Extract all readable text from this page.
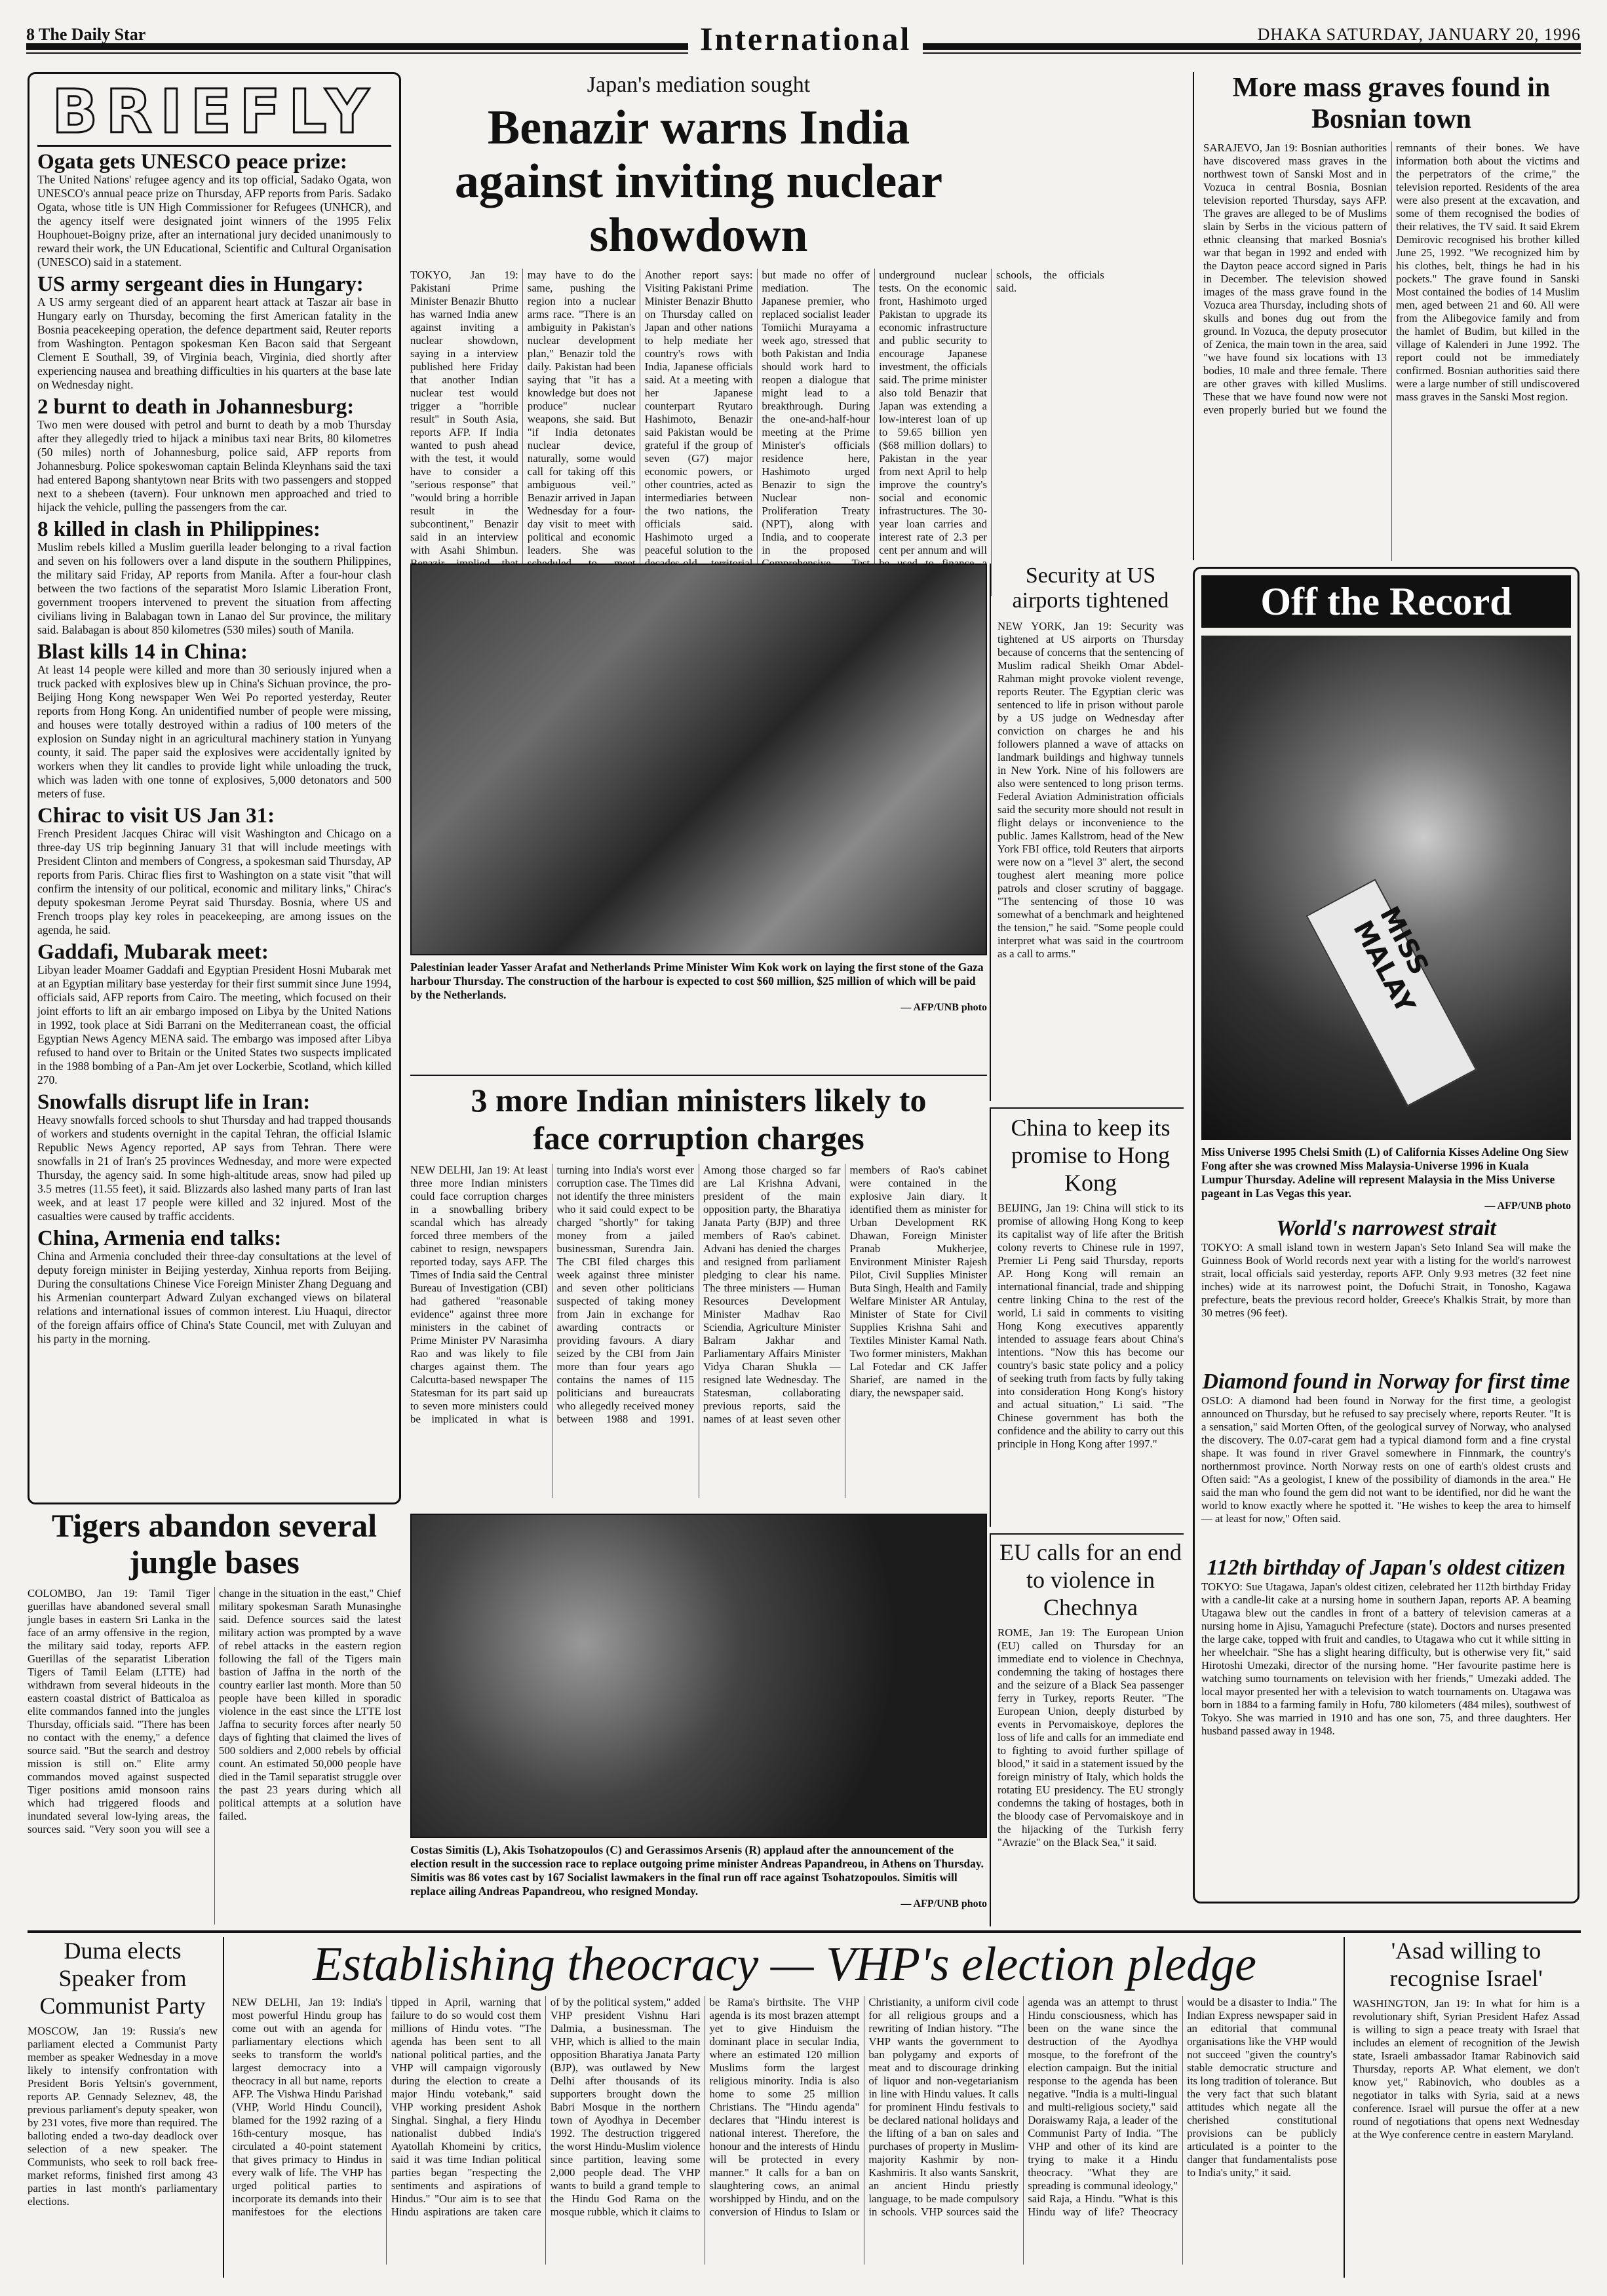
8 The Daily Star	International	DHAKA SATURDAY, JANUARY 20, 1996
BRIEFLY
Ogata gets UNESCO peace prize:
The United Nations' refugee agency and its top official, Sadako Ogata, won UNESCO's annual peace prize on Thursday, AFP reports from Paris. Sadako Ogata, whose title is UN High Commissioner for Refugees (UNHCR), and the agency itself were designated joint winners of the 1995 Felix Houphouet-Boigny prize, after an international jury decided unanimously to reward their work, the UN Educational, Scientific and Cultural Organisation (UNESCO) said in a statement.
US army sergeant dies in Hungary:
A US army sergeant died of an apparent heart attack at Taszar air base in Hungary early on Thursday, becoming the first American fatality in the Bosnia peacekeeping operation, the defence department said, Reuter reports from Washington. Pentagon spokesman Ken Bacon said that Sergeant Clement E Southall, 39, of Virginia beach, Virginia, died shortly after experiencing nausea and breathing difficulties in his quarters at the base late on Wednesday night.
2 burnt to death in Johannesburg:
Two men were doused with petrol and burnt to death by a mob Thursday after they allegedly tried to hijack a minibus taxi near Brits, 80 kilometres (50 miles) north of Johannesburg, police said, AFP reports from Johannesburg. Police spokeswoman captain Belinda Kleynhans said the taxi had entered Bapong shantytown near Brits with two passengers and stopped next to a shebeen (tavern). Four unknown men approached and tried to hijack the vehicle, pulling the passengers from the car.
8 killed in clash in Philippines:
Muslim rebels killed a Muslim guerilla leader belonging to a rival faction and seven on his followers over a land dispute in the southern Philippines, the military said Friday, AP reports from Manila. After a four-hour clash between the two factions of the separatist Moro Islamic Liberation Front, government troopers intervened to prevent the situation from affecting civilians living in Balabagan town in Lanao del Sur province, the military said. Balabagan is about 850 kilometres (530 miles) south of Manila.
Blast kills 14 in China:
At least 14 people were killed and more than 30 seriously injured when a truck packed with explosives blew up in China's Sichuan province, the pro-Beijing Hong Kong newspaper Wen Wei Po reported yesterday, Reuter reports from Hong Kong. An unidentified number of people were missing, and houses were totally destroyed within a radius of 100 meters of the explosion on Sunday night in an agricultural machinery station in Yunyang county, it said. The paper said the explosives were accidentally ignited by workers when they lit candles to provide light while unloading the truck, which was laden with one tonne of explosives, 5,000 detonators and 500 meters of fuse.
Chirac to visit US Jan 31:
French President Jacques Chirac will visit Washington and Chicago on a three-day US trip beginning January 31 that will include meetings with President Clinton and members of Congress, a spokesman said Thursday, AP reports from Paris. Chirac flies first to Washington on a state visit "that will confirm the intensity of our political, economic and military links," Chirac's deputy spokesman Jerome Peyrat said Thursday. Bosnia, where US and French troops play key roles in peacekeeping, are among issues on the agenda, he said.
Gaddafi, Mubarak meet:
Libyan leader Moamer Gaddafi and Egyptian President Hosni Mubarak met at an Egyptian military base yesterday for their first summit since June 1994, officials said, AFP reports from Cairo. The meeting, which focused on their joint efforts to lift an air embargo imposed on Libya by the United Nations in 1992, took place at Sidi Barrani on the Mediterranean coast, the official Egyptian News Agency MENA said. The embargo was imposed after Libya refused to hand over to Britain or the United States two suspects implicated in the 1988 bombing of a Pan-Am jet over Lockerbie, Scotland, which killed 270.
Snowfalls disrupt life in Iran:
Heavy snowfalls forced schools to shut Thursday and had trapped thousands of workers and students overnight in the capital Tehran, the official Islamic Republic News Agency reported, AP says from Tehran. There were snowfalls in 21 of Iran's 25 provinces Wednesday, and more were expected Thursday, the agency said. In some high-altitude areas, snow had piled up 3.5 metres (11.55 feet), it said. Blizzards also lashed many parts of Iran last week, and at least 17 people were killed and 32 injured. Most of the casualties were caused by traffic accidents.
China, Armenia end talks:
China and Armenia concluded their three-day consultations at the level of deputy foreign minister in Beijing yesterday, Xinhua reports from Beijing. During the consultations Chinese Vice Foreign Minister Zhang Deguang and his Armenian counterpart Adward Zulyan exchanged views on bilateral relations and international issues of common interest. Liu Huaqui, director of the foreign affairs office of China's State Council, met with Zuluyan and his party in the morning.
Japan's mediation sought
Benazir warns India against inviting nuclear showdown
TOKYO, Jan 19: Pakistani Prime Minister Benazir Bhutto has warned India anew against inviting a nuclear showdown, saying in a interview published here Friday that another Indian nuclear test would trigger a "horrible result" in South Asia, reports AFP. If India wanted to push ahead with the test, it would have to consider a "serious response" that "would bring a horrible result in the subcontinent," Benazir said in an interview with Asahi Shimbun. may have to do the same, pushing the region into a nuclear arms race. "There is an ambiguity in Pakistan's nuclear development plan," Benazir told the daily. Pakistan had been saying that "it has a knowledge but does not produce" nuclear weapons, she said. But "if India detonates nuclear device, naturally, some would call for taking off this ambiguous veil." Benazir arrived in Japan Wednesday for a four-day visit to meet with political and economic leaders. She was Another report says: Visiting Pakistani Prime Minister Benazir Bhutto on Thursday called on Japan and other nations to help mediate her country's rows with India, Japanese officials said. At a meeting with her Japanese counterpart Ryutaro Hashimoto, Benazir said Pakistan would be grateful if the group of seven (G7) major economic powers, or other countries, acted as intermediaries between the two nations, the officials said. Hashimoto urged a peaceful solution to the but made no offer of mediation. The Japanese premier, who replaced socialist leader Tomiichi Murayama a week ago, stressed that both Pakistan and India should work hard to reopen a dialogue that might lead to a breakthrough. During the one-and-half-hour meeting at the Prime Minister's officials residence here, Hashimoto urged Benazir to sign the Nuclear non-Proliferation Treaty (NPT), along with India, and to cooperate in the proposed underground nuclear tests. On the economic front, Hashimoto urged Pakistan to upgrade its economic infrastructure and public security to encourage Japanese investment, the officials said. The prime minister also told Benazir that Japan was extending a low-interest loan of up to 59.65 billion yen ($68 million dollars) to Pakistan in the year from next April to help improve the country's social and economic infrastructures. The 30-year loan carries and interest rate of 2.3 per cent per annum and will schools, the officials said.
More mass graves found in Bosnian town
SARAJEVO, Jan 19: Bosnian authorities have discovered mass graves in the northwest town of Sanski Most and in Vozuca in central Bosnia, Bosnian television reported Thursday, says AFP. The graves are alleged to be of Muslims slain by Serbs in the vicious pattern of ethnic cleansing that marked Bosnia's war that began in 1992 and ended with the Dayton peace accord signed in Paris in December. The television showed images of the mass grave found in the Vozuca area Thursday, including shots of skulls and bones dug out from the ground. In Vozuca, the deputy prosecutor of Zenica, the main town in the area, said "we have found six locations with 13 bodies, 10 male and three female. There are other graves with killed Muslims. These that we have found now were not even properly buried but we found the remnants of their bones. We have information both about the victims and the perpetrators of the crime," the television reported. Residents of the area were also present at the excavation, and some of them recognised the bodies of their relatives, the TV said. It said Ekrem Demirovic recognised his brother killed June 25, 1992. "We recognized him by his clothes, belt, things he had in his pockets." The grave found in Sanski Most contained the bodies of 14 Muslim men, aged between 21 and 60. All were from the Alibegovice family and from the hamlet of Budim, but killed in the village of Kalenderi in June 1992. The report could not be immediately confirmed. Bosnian authorities said there were a large number of still undiscovered mass graves in the Sanski Most region.
Palestinian leader Yasser Arafat and Netherlands Prime Minister Wim Kok work on laying the first stone of the Gaza harbour Thursday. The construction of the harbour is expected to cost $60 million, $25 million of which will be paid by the Netherlands.
— AFP/UNB photo
Security at US airports tightened
NEW YORK, Jan 19: Security was tightened at US airports on Thursday because of concerns that the sentencing of Muslim radical Sheikh Omar Abdel-Rahman might provoke violent revenge, reports Reuter. The Egyptian cleric was sentenced to life in prison without parole by a US judge on Wednesday after conviction on charges he and his followers planned a wave of attacks on landmark buildings and highway tunnels in New York. Nine of his followers are also were sentenced to long prison terms. Federal Aviation Administration officials said the security more should not result in flight delays or inconvenience to the public. James Kallstrom, head of the New York FBI office, told Reuters that airports were now on a "level 3" alert, the second toughest alert meaning more police patrols and closer scrutiny of baggage. "The sentencing of those 10 was somewhat of a benchmark and heightened the tension," he said. "Some people could interpret what was said in the courtroom as a call to arms."
Off the Record
MISS MALAY
Miss Universe 1995 Chelsi Smith (L) of California Kisses Adeline Ong Siew Fong after she was crowned Miss Malaysia-Universe 1996 in Kuala Lumpur Thursday. Adeline will represent Malaysia in the Miss Universe pageant in Las Vegas this year.
— AFP/UNB photo
World's narrowest strait
TOKYO: A small island town in western Japan's Seto Inland Sea will make the Guinness Book of World records next year with a listing for the world's narrowest strait, local officials said yesterday, reports AFP. Only 9.93 metres (32 feet nine inches) wide at its narrowest point, the Dofuchi Strait, in Tonosho, Kagawa prefecture, beats the previous record holder, Greece's Khalkis Strait, by more than 30 metres (96 feet).
Diamond found in Norway for first time
OSLO: A diamond had been found in Norway for the first time, a geologist announced on Thursday, but he refused to say precisely where, reports Reuter. "It is a sensation," said Morten Often, of the geological survey of Norway, who analysed the discovery. The 0.07-carat gem had a typical diamond form and a fine crystal shape. It was found in river Gravel somewhere in Finnmark, the country's northernmost province. North Norway rests on one of earth's oldest crusts and Often said: "As a geologist, I knew of the possibility of diamonds in the area." He said the man who found the gem did not want to be identified, nor did he want the world to know exactly where he spotted it. "He wishes to keep the area to himself — at least for now," Often said.
112th birthday of Japan's oldest citizen
TOKYO: Sue Utagawa, Japan's oldest citizen, celebrated her 112th birthday Friday with a candle-lit cake at a nursing home in southern Japan, reports AP. A beaming Utagawa blew out the candles in front of a battery of television cameras at a nursing home in Ajisu, Yamaguchi Prefecture (state). Doctors and nurses presented the large cake, topped with fruit and candles, to Utagawa who cut it while sitting in her wheelchair. "She has a slight hearing difficulty, but is otherwise very fit," said Hirotoshi Umezaki, director of the nursing home. "Her favourite pastime here is watching sumo tournaments on television with her friends," Umezaki added. The local mayor presented her with a television to watch tournaments on. Utagawa was born in 1884 to a farming family in Hofu, 780 kilometers (484 miles), southwest of Tokyo. She was married in 1910 and has one son, 75, and three daughters. Her husband passed away in 1948.
3 more Indian ministers likely to face corruption charges
NEW DELHI, Jan 19: At least three more Indian ministers could face corruption charges in a snowballing bribery scandal which has already forced three members of the cabinet to resign, newspapers reported today, says AFP. The Times of India said the Central Bureau of Investigation (CBI) had gathered "reasonable evidence" against three more ministers in the cabinet of Prime Minister PV Narasimha Rao and was likely to file charges against them. The Calcutta-based newspaper The Statesman for its part said up to seven more ministers could be implicated in what is turning into India's worst ever corruption case. The Times did not identify the three ministers who it said could expect to be charged "shortly" for taking money from a jailed businessman, Surendra Jain. The CBI filed charges this week against three minister and seven other politicians suspected of taking money from Jain in exchange for awarding contracts or providing favours. A diary seized by the CBI from Jain more than four years ago contains the names of 115 politicians and bureaucrats who allegedly received money between 1988 and 1991. Among those charged so far are Lal Krishna Advani, president of the main opposition party, the Bharatiya Janata Party (BJP) and three members of Rao's cabinet. Advani has denied the charges and resigned from parliament pledging to clear his name. The three ministers — Human Resources Development Minister Madhav Rao Sciendia, Agriculture Minister Balram Jakhar and Parliamentary Affairs Minister Vidya Charan Shukla — resigned late Wednesday. The Statesman, collaborating previous reports, said the names of at least seven other members of Rao's cabinet were contained in the explosive Jain diary. It identified them as minister for Urban Development RK Dhawan, Foreign Minister Pranab Mukherjee, Environment Minister Rajesh Pilot, Civil Supplies Minister Buta Singh, Health and Family Welfare Minister AR Antulay, Minister of State for Civil Supplies Krishna Sahi and Textiles Minister Kamal Nath. Two former ministers, Makhan Lal Fotedar and CK Jaffer Sharief, are named in the diary, the newspaper said.
China to keep its promise to Hong Kong
BEIJING, Jan 19: China will stick to its promise of allowing Hong Kong to keep its capitalist way of life after the British colony reverts to Chinese rule in 1997, Premier Li Peng said Thursday, reports AP. Hong Kong will remain an international financial, trade and shipping centre linking China to the rest of the world, Li said in comments to visiting Hong Kong executives apparently intended to assuage fears about China's intentions. "Now this has become our country's basic state policy and a policy of seeking truth from facts by fully taking into consideration Hong Kong's history and actual situation," Li said. "The Chinese government has both the confidence and the ability to carry out this principle in Hong Kong after 1997."
Tigers abandon several jungle bases
COLOMBO, Jan 19: Tamil Tiger guerillas have abandoned several small jungle bases in eastern Sri Lanka in the face of an army offensive in the region, the military said today, reports AFP. Guerillas of the separatist Liberation Tigers of Tamil Eelam (LTTE) had withdrawn from several hideouts in the eastern coastal district of Batticaloa as elite commandos fanned into the jungles Thursday, officials said. "There has been no contact with the enemy," a defence source said. "But the search and destroy mission is still on." Elite army commandos moved against suspected Tiger positions amid monsoon rains which had triggered floods and inundated several low-lying areas, the sources said. "Very soon you will see a change in the situation in the east," Chief military spokesman Sarath Munasinghe said. Defence sources said the latest military action was prompted by a wave of rebel attacks in the eastern region following the fall of the Tigers main bastion of Jaffna in the north of the country earlier last month. More than 50 people have been killed in sporadic violence in the east since the LTTE lost Jaffna to security forces after nearly 50 days of fighting that claimed the lives of 500 soldiers and 2,000 rebels by official count. An estimated 50,000 people have died in the Tamil separatist struggle over the past 23 years during which all political attempts at a solution have failed.
Costas Simitis (L), Akis Tsohatzopoulos (C) and Gerassimos Arsenis (R) applaud after the announcement of the election result in the succession race to replace outgoing prime minister Andreas Papandreou, in Athens on Thursday. Simitis was 86 votes cast by 167 Socialist lawmakers in the final run off race against Tsohatzopoulos. Simitis will replace ailing Andreas Papandreou, who resigned Monday.
— AFP/UNB photo
EU calls for an end to violence in Chechnya
ROME, Jan 19: The European Union (EU) called on Thursday for an immediate end to violence in Chechnya, condemning the taking of hostages there and the seizure of a Black Sea passenger ferry in Turkey, reports Reuter. "The European Union, deeply disturbed by events in Pervomaiskoye, deplores the loss of life and calls for an immediate end to fighting to avoid further spillage of blood," it said in a statement issued by the foreign ministry of Italy, which holds the rotating EU presidency. The EU strongly condemns the taking of hostages, both in the bloody case of Pervomaiskoye and in the hijacking of the Turkish ferry "Avrazie" on the Black Sea," it said.
Duma elects Speaker from Communist Party
MOSCOW, Jan 19: Russia's new parliament elected a Communist Party member as speaker Wednesday in a move likely to intensify confrontation with President Boris Yeltsin's government, reports AP. Gennady Seleznev, 48, the previous parliament's deputy speaker, won by 231 votes, five more than required. The balloting ended a two-day deadlock over selection of a new speaker. The Communists, who seek to roll back free-market reforms, finished first among 43 parties in last month's parliamentary elections.
Establishing theocracy — VHP's election pledge
NEW DELHI, Jan 19: India's most powerful Hindu group has come out with an agenda for parliamentary elections which seeks to transform the world's largest democracy into a theocracy in all but name, reports AFP. The Vishwa Hindu Parishad (VHP, World Hindu Council), blamed for the 1992 razing of a 16th-century mosque, has circulated a 40-point statement that gives primacy to Hindus in every walk of life. The VHP has urged political parties to incorporate its demands into their manifestoes for the elections tipped in April, warning that failure to do so would cost them millions of Hindu votes. "The agenda has been sent to all national political parties, and the VHP will campaign vigorously during the election to create a major Hindu votebank," said VHP working president Ashok Singhal. Singhal, a fiery Hindu nationalist dubbed India's Ayatollah Khomeini by critics, said it was time Indian political parties began "respecting the sentiments and aspirations of Hindus." "Our aim is to see that Hindu aspirations are taken care of by the political system," added VHP president Vishnu Hari Dalmia, a businessman. The VHP, which is allied to the main opposition Bharatiya Janata Party (BJP), was outlawed by New Delhi after thousands of its supporters brought down the Babri Mosque in the northern town of Ayodhya in December 1992. The destruction triggered the worst Hindu-Muslim violence since partition, leaving some 2,000 people dead. The VHP wants to build a grand temple to the Hindu God Rama on the mosque rubble, which it claims to be Rama's birthsite. The VHP agenda is its most brazen attempt yet to give Hinduism the dominant place in secular India, where an estimated 120 million Muslims form the largest religious minority. India is also home to some 25 million Christians. The "Hindu agenda" declares that "Hindu interest is national interest. Therefore, the honour and the interests of Hindu will be protected in every manner." It calls for a ban on slaughtering cows, an animal worshipped by Hindu, and on the conversion of Hindus to Islam or Christianity, a uniform civil code for all religious groups and a rewriting of Indian history. "The VHP wants the government to ban polygamy and exports of meat and to discourage drinking of liquor and non-vegetarianism in line with Hindu values. It calls for prominent Hindu festivals to be declared national holidays and the lifting of a ban on sales and purchases of property in Muslim-majority Kashmir by non-Kashmiris. It also wants Sanskrit, an ancient Hindu priestly language, to be made compulsory in schools. VHP sources said the agenda was an attempt to thrust Hindu consciousness, which has been on the wane since the destruction of the Ayodhya mosque, to the forefront of the election campaign. But the initial response to the agenda has been negative. "India is a multi-lingual and multi-religious society," said Doraiswamy Raja, a leader of the Communist Party of India. "The VHP and other of its kind are trying to make it a Hindu theocracy. "What they are spreading is communal ideology," said Raja, a Hindu. "What is this Hindu way of life? Theocracy would be a disaster to India." The Indian Express newspaper said in an editorial that communal organisations like the VHP would not succeed "given the country's stable democratic structure and its long tradition of tolerance. But the very fact that such blatant attitudes which negate all the cherished constitutional provisions can be publicly articulated is a pointer to the danger that fundamentalists pose to India's unity," it said.
'Asad willing to recognise Israel'
WASHINGTON, Jan 19: In what for him is a revolutionary shift, Syrian President Hafez Assad is willing to sign a peace treaty with Israel that includes an element of recognition of the Jewish state, Israeli ambassador Itamar Rabinovich said Thursday, reports AP. What element, we don't know yet," Rabinovich, who doubles as a negotiator in talks with Syria, said at a news conference. Israel will pursue the offer at a new round of negotiations that opens next Wednesday at the Wye conference centre in eastern Maryland.
